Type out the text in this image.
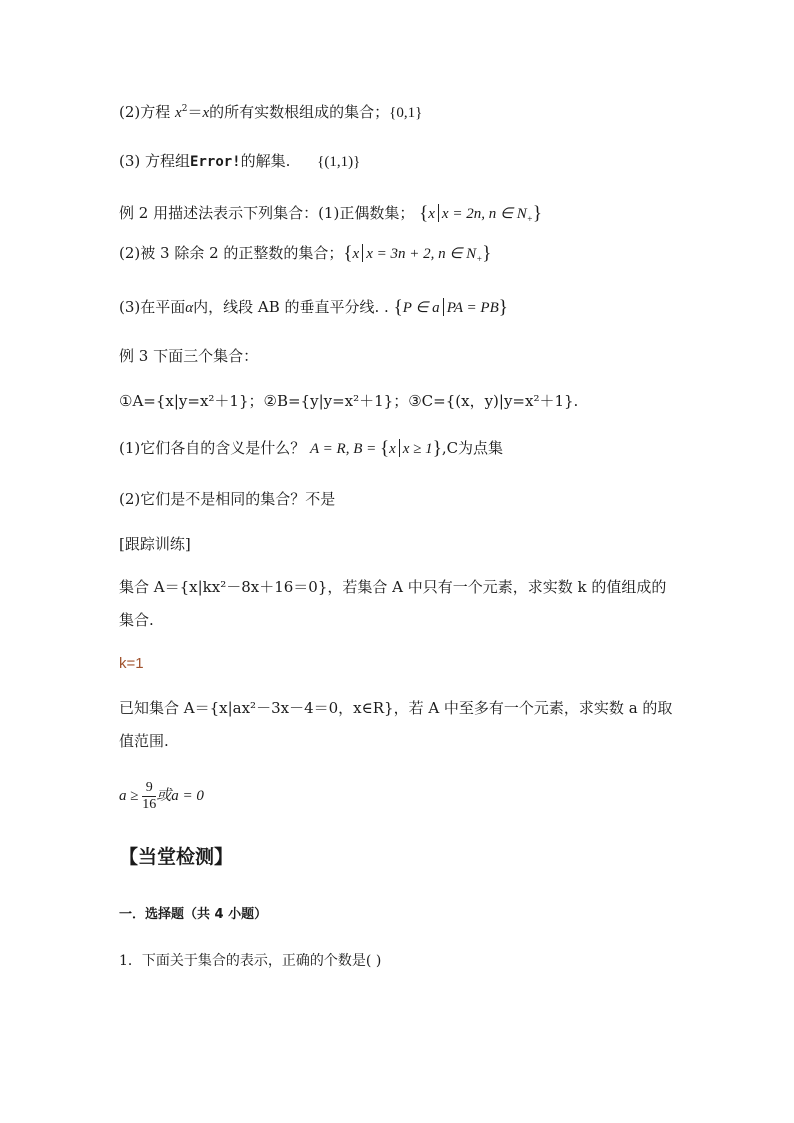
(2)方程 $x^2=x$的所有实数根组成的集合；{0,1}
(3) 方程组Error!的解集. {(1,1)}
例 2 用描述法表示下列集合：(1)正偶数集； {x x = 2n, n ∈ $N_+$}
(2)被 3 除余 2 的正整数的集合；{x x = 3n + 2, n ∈ $N_+$}
(3)在平面α内，线段 AB 的垂直平分线. . {P ∈ a PA = PB}
例 3 下面三个集合：
①A={x|y=x²＋1}；②B={y|y=x²＋1}；③C={(x，y)|y=x²＋1}.
(1)它们各自的含义是什么？ A = R, B = {x x ≥ 1},C为点集
(2)它们是不是相同的集合？不是
[跟踪训练]
集合 A＝{x|kx²－8x＋16＝0}，若集合 A 中只有一个元素，求实数 k 的值组成的
集合.
k=1
已知集合 A＝{x|ax²－3x－4＝0，x∈R}，若 A 中至多有一个元素，求实数 a 的取
值范围.
$a \ge \frac{9}{16}$ 或a = 0
【当堂检测】
一．选择题（共 4 小题）
1．下面关于集合的表示，正确的个数是( )
